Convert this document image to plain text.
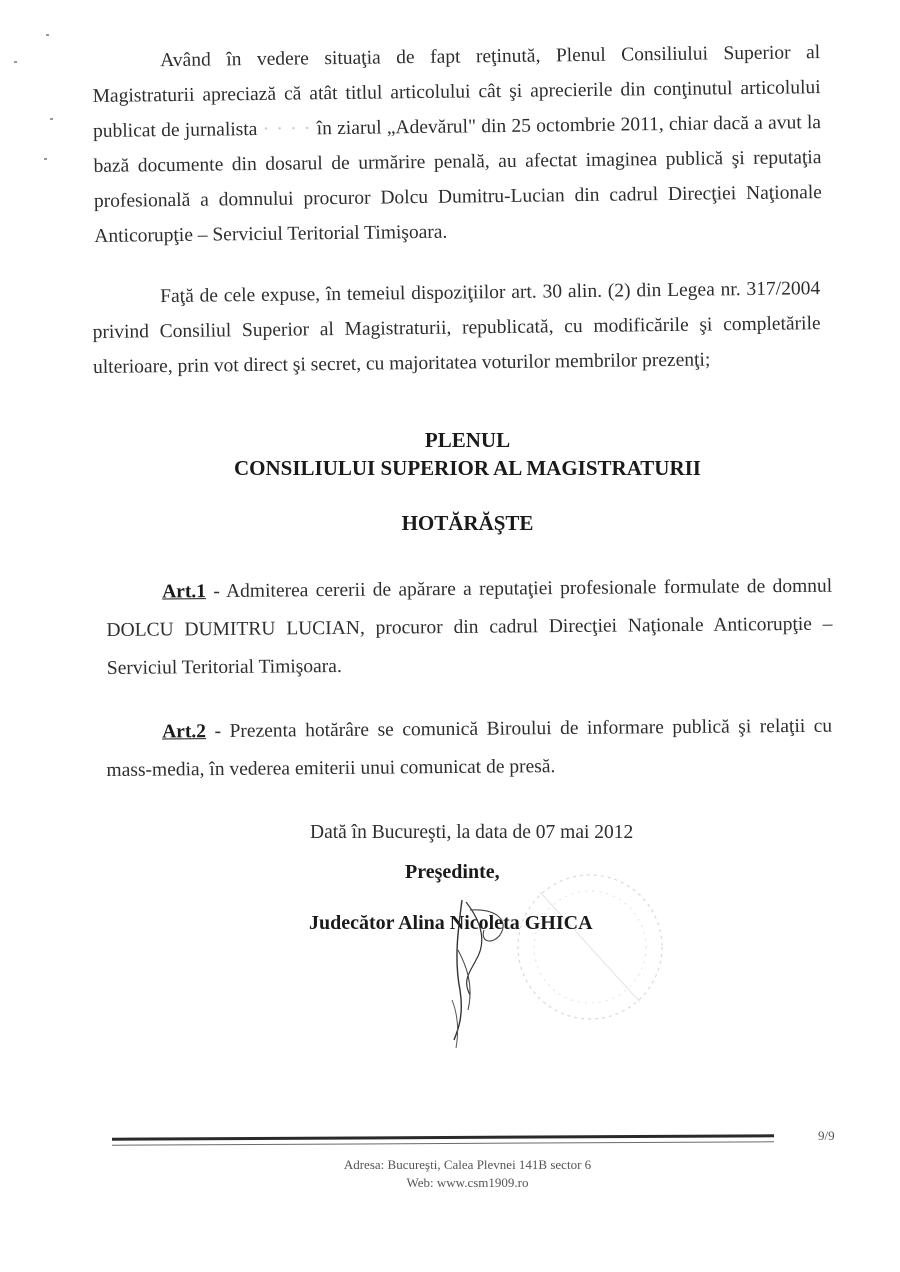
Având în vedere situaţia de fapt reţinută, Plenul Consiliului Superior al Magistraturii apreciază că atât titlul articolului cât şi aprecierile din conţinutul articolului publicat de jurnalista · · · · în ziarul „Adevărul" din 25 octombrie 2011, chiar dacă a avut la bază documente din dosarul de urmărire penală, au afectat imaginea publică şi reputaţia profesională a domnului procuror Dolcu Dumitru-Lucian din cadrul Direcţiei Naţionale Anticorupţie – Serviciul Teritorial Timişoara.
Faţă de cele expuse, în temeiul dispoziţiilor art. 30 alin. (2) din Legea nr. 317/2004 privind Consiliul Superior al Magistraturii, republicată, cu modificările şi completările ulterioare, prin vot direct şi secret, cu majoritatea voturilor membrilor prezenţi;
PLENUL
CONSILIULUI SUPERIOR AL MAGISTRATURII
HOTĂRĂŞTE
Art.1 - Admiterea cererii de apărare a reputaţiei profesionale formulate de domnul DOLCU DUMITRU LUCIAN, procuror din cadrul Direcţiei Naţionale Anticorupţie – Serviciul Teritorial Timişoara.
Art.2 - Prezenta hotărâre se comunică Biroului de informare publică şi relaţii cu mass-media, în vederea emiterii unui comunicat de presă.
Dată în Bucureşti, la data de 07 mai 2012
Preşedinte,
Judecător Alina Nicoleta GHICA
9/9
Adresa: Bucureşti, Calea Plevnei 141B sector 6
Web: www.csm1909.ro
